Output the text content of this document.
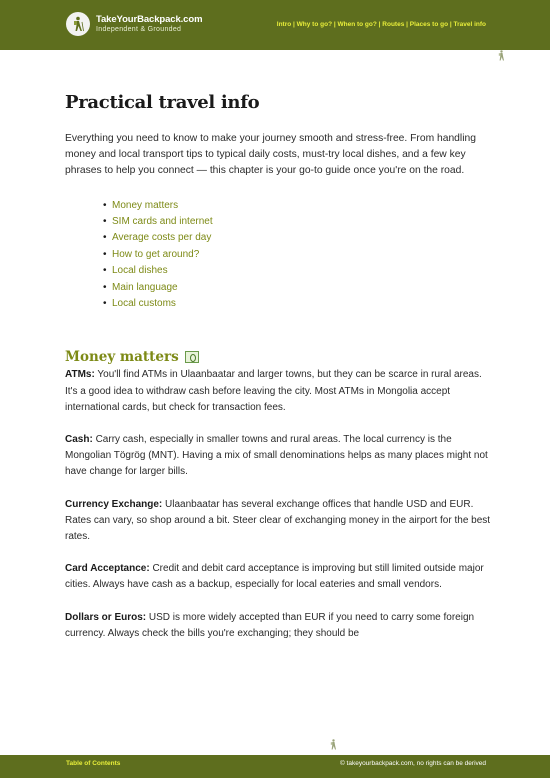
TakeYourBackpack.com
Independent & Grounded
Intro | Why to go? | When to go? | Routes | Places to go | Travel info
Practical travel info

Everything you need to know to make your journey smooth and stress-free. From handling money and local transport tips to typical daily costs, must-try local dishes, and a few key phrases to help you connect — this chapter is your go-to guide once you're on the road.

• Money matters
• SIM cards and internet
• Average costs per day
• How to get around?
• Local dishes
• Main language
• Local customs
Money matters

ATMs: You'll find ATMs in Ulaanbaatar and larger towns, but they can be scarce in rural areas. It's a good idea to withdraw cash before leaving the city. Most ATMs in Mongolia accept international cards, but check for transaction fees.

Cash: Carry cash, especially in smaller towns and rural areas. The local currency is the Mongolian Tögrög (MNT). Having a mix of small denominations helps as many places might not have change for larger bills.

Currency Exchange: Ulaanbaatar has several exchange offices that handle USD and EUR. Rates can vary, so shop around a bit. Steer clear of exchanging money in the airport for the best rates.

Card Acceptance: Credit and debit card acceptance is improving but still limited outside major cities. Always have cash as a backup, especially for local eateries and small vendors.

Dollars or Euros: USD is more widely accepted than EUR if you need to carry some foreign currency. Always check the bills you're exchanging; they should be

Table of Contents	© takeyourbackpack.com, no rights can be derived
